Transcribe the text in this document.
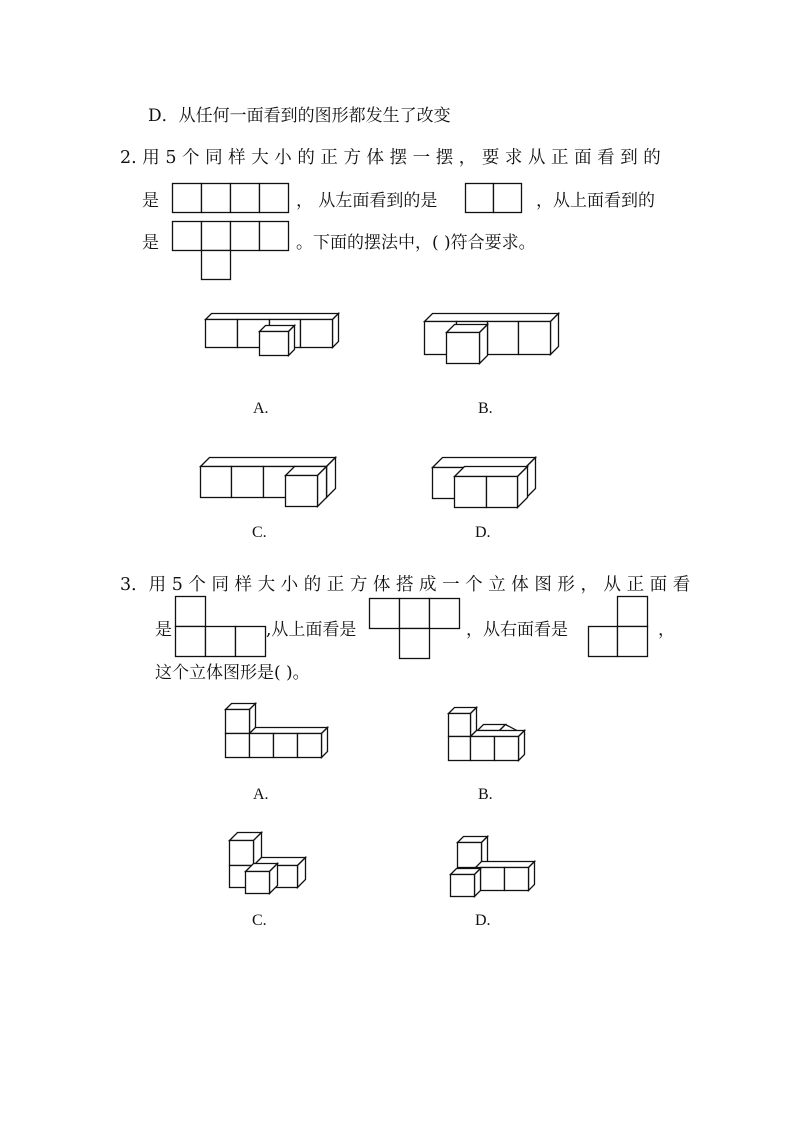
D．从任何一面看到的图形都发生了改变
2. 用 5 个 同 样 大 小 的 正 方 体 摆 一 摆 ， 要 求 从 正 面 看 到 的
是	， 从左面看到的是	，从上面看到的
是	。下面的摆法中，( )符合要求。
A.	B.
C.	D.
3．用 5 个 同 样 大 小 的 正 方 体 搭 成 一 个 立 体 图 形 ， 从 正 面 看
是	,从上面看是	，从右面看是	，
这个立体图形是( )。
A.	B.
C.	D.
